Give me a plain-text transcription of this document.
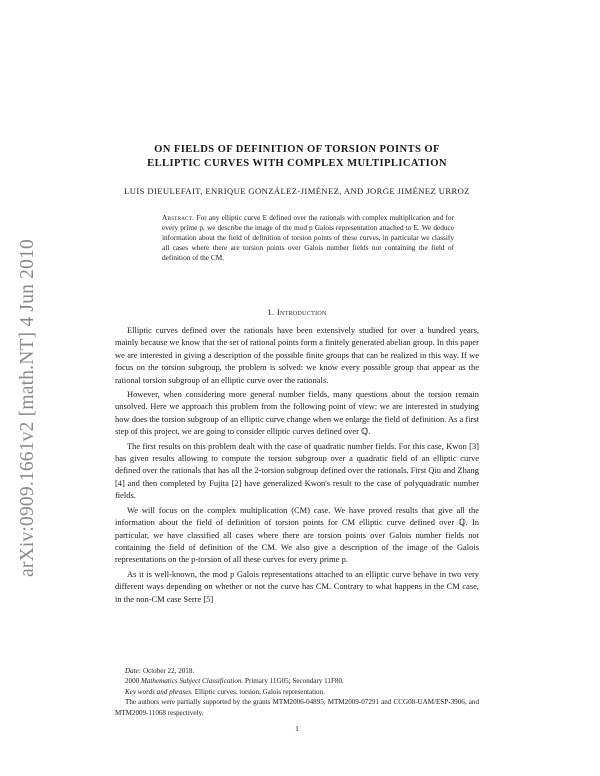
arXiv:0909.1661v2 [math.NT] 4 Jun 2010
ON FIELDS OF DEFINITION OF TORSION POINTS OF
ELLIPTIC CURVES WITH COMPLEX MULTIPLICATION
LUIS DIEULEFAIT, ENRIQUE GONZÁLEZ-JIMÉNEZ, AND JORGE JIMÉNEZ URROZ
Abstract. For any elliptic curve E defined over the rationals with complex multiplication and for every prime p, we describe the image of the mod p Galois representation attached to E. We deduce information about the field of definition of torsion points of these curves, in particular we classify all cases where there are torsion points over Galois number fields not containing the field of definition of the CM.
1. Introduction

Elliptic curves defined over the rationals have been extensively studied for over a hundred years, mainly because we know that the set of rational points form a finitely generated abelian group. In this paper we are interested in giving a description of the possible finite groups that can be realized in this way. If we focus on the torsion subgroup, the problem is solved: we know every possible group that appear as the rational torsion subgroup of an elliptic curve over the rationals.

However, when considering more general number fields, many questions about the torsion remain unsolved. Here we approach this problem from the following point of view: we are interested in studying how does the torsion subgroup of an elliptic curve change when we enlarge the field of definition. As a first step of this project, we are going to consider elliptic curves defined over ℚ.

The first results on this problem dealt with the case of quadratic number fields. For this case, Kwon [3] has given results allowing to compute the torsion subgroup over a quadratic field of an elliptic curve defined over the rationals that has all the 2-torsion subgroup defined over the rationals. First Qiu and Zhang [4] and then completed by Fujita [2] have generalized Kwon's result to the case of polyquadratic number fields.

We will focus on the complex multiplication (CM) case. We have proved results that give all the information about the field of definition of torsion points for CM elliptic curve defined over ℚ. In particular, we have classified all cases where there are torsion points over Galois number fields not containing the field of definition of the CM. We also give a description of the image of the Galois representations on the p-torsion of all these curves for every prime p.

As it is well-known, the mod p Galois representations attached to an elliptic curve behave in two very different ways depending on whether or not the curve has CM. Contrary to what happens in the CM case, in the non-CM case Serre [5]

Date: October 22, 2018.
2000 Mathematics Subject Classification. Primary 11G05; Secondary 11F80.
Key words and phrases. Elliptic curves, torsion, Galois representation.
The authors were partially supported by the grants MTM2006-04895, MTM2009-07291 and CCG08-UAM/ESP-3906, and MTM2009-11068 respectively.
1
